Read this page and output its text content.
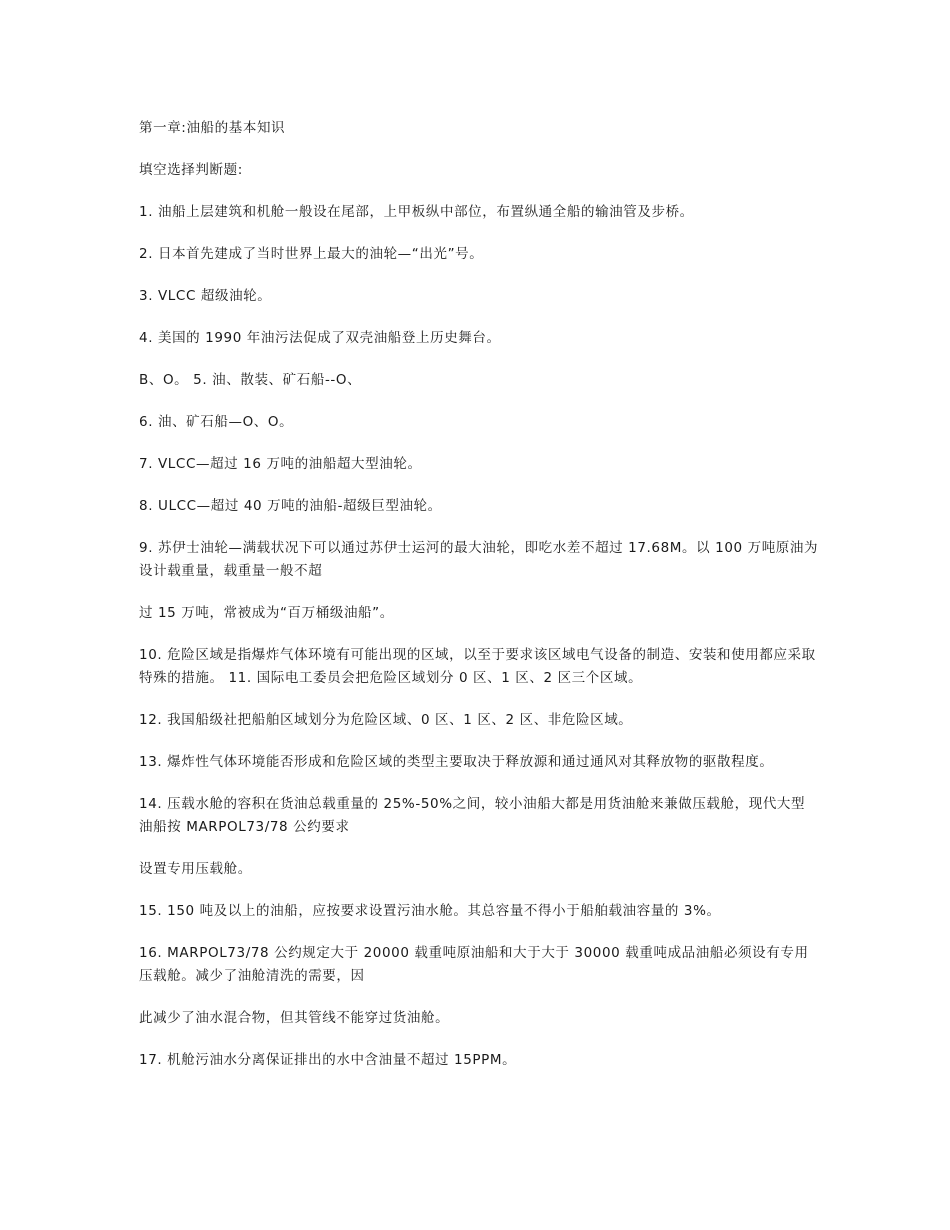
第一章:油船的基本知识

填空选择判断题:

1. 油船上层建筑和机舱一般设在尾部，上甲板纵中部位，布置纵通全船的输油管及步桥。

2. 日本首先建成了当时世界上最大的油轮—“出光”号。

3. VLCC 超级油轮。

4. 美国的 1990 年油污法促成了双壳油船登上历史舞台。

B、O。 5. 油、散装、矿石船--O、

6. 油、矿石船—O、O。

7. VLCC—超过 16 万吨的油船超大型油轮。

8. ULCC—超过 40 万吨的油船-超级巨型油轮。

9. 苏伊士油轮—满载状况下可以通过苏伊士运河的最大油轮，即吃水差不超过 17.68M。以 100 万吨原油为设计载重量，载重量一般不超

过 15 万吨，常被成为“百万桶级油船”。

10. 危险区域是指爆炸气体环境有可能出现的区域，以至于要求该区域电气设备的制造、安装和使用都应采取特殊的措施。 11. 国际电工委员会把危险区域划分 0 区、1 区、2 区三个区域。

12. 我国船级社把船舶区域划分为危险区域、0 区、1 区、2 区、非危险区域。

13. 爆炸性气体环境能否形成和危险区域的类型主要取决于释放源和通过通风对其释放物的驱散程度。

14. 压载水舱的容积在货油总载重量的 25%-50%之间，较小油船大都是用货油舱来兼做压载舱，现代大型油船按 MARPOL73/78 公约要求

设置专用压载舱。

15. 150 吨及以上的油船，应按要求设置污油水舱。其总容量不得小于船舶载油容量的 3%。

16. MARPOL73/78 公约规定大于 20000 载重吨原油船和大于大于 30000 载重吨成品油船必须设有专用压载舱。减少了油舱清洗的需要，因

此减少了油水混合物，但其管线不能穿过货油舱。

17. 机舱污油水分离保证排出的水中含油量不超过 15PPM。
